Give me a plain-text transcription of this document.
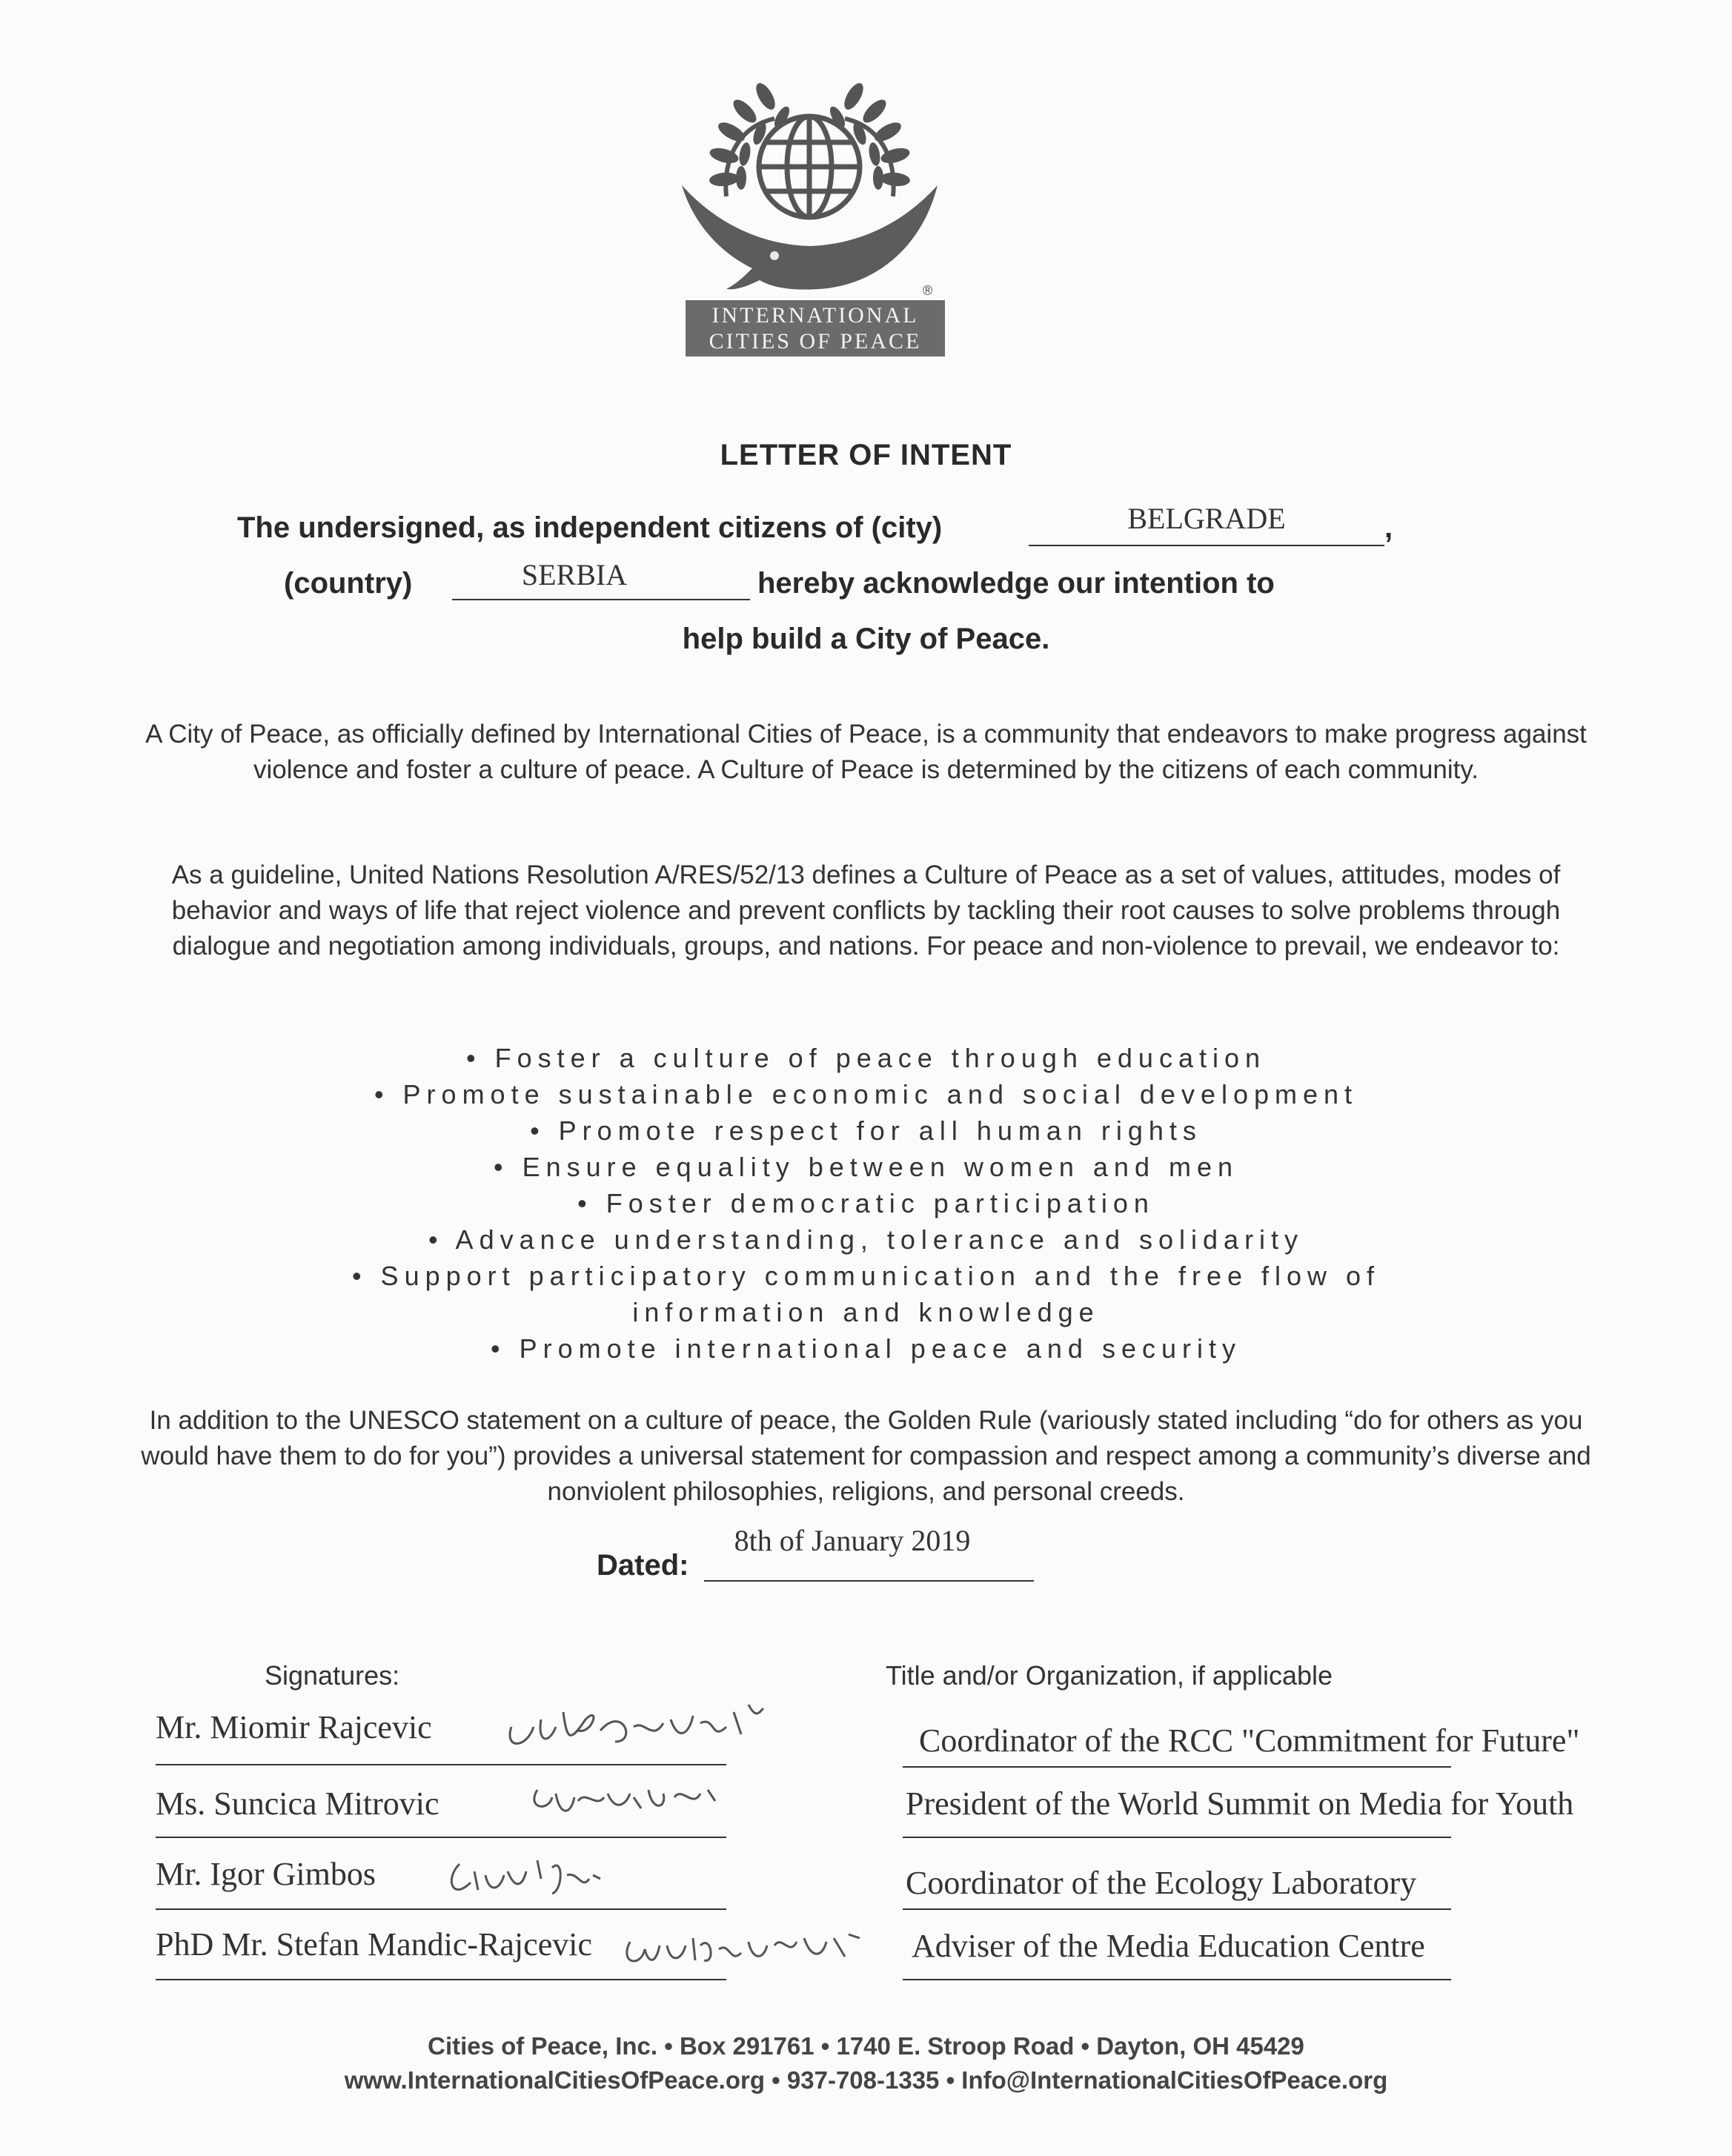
®
INTERNATIONAL
CITIES OF PEACE
LETTER OF INTENT
The undersigned, as independent citizens of (city)	BELGRADE	,
(country)	SERBIA	hereby acknowledge our intention to
help build a City of Peace.
A City of Peace, as officially defined by International Cities of Peace, is a community that endeavors to make progress against violence and foster a culture of peace. A Culture of Peace is determined by the citizens of each community.
As a guideline, United Nations Resolution A/RES/52/13 defines a Culture of Peace as a set of values, attitudes, modes of behavior and ways of life that reject violence and prevent conflicts by tackling their root causes to solve problems through dialogue and negotiation among individuals, groups, and nations. For peace and non-violence to prevail, we endeavor to:
• Foster a culture of peace through education
• Promote sustainable economic and social development
• Promote respect for all human rights
• Ensure equality between women and men
• Foster democratic participation
• Advance understanding, tolerance and solidarity
• Support participatory communication and the free flow of
information and knowledge
• Promote international peace and security
In addition to the UNESCO statement on a culture of peace, the Golden Rule (variously stated including “do for others as you would have them to do for you”) provides a universal statement for compassion and respect among a community’s diverse and nonviolent philosophies, religions, and personal creeds.
Dated:
8th of January 2019
Signatures:	Title and/or Organization, if applicable
Mr. Miomir Rajcevic	Coordinator of the RCC "Commitment for Future"
Ms. Suncica Mitrovic	President of the World Summit on Media for Youth
Mr. Igor Gimbos	Coordinator of the Ecology Laboratory
PhD Mr. Stefan Mandic-Rajcevic	Adviser of the Media Education Centre
Cities of Peace, Inc. • Box 291761 • 1740 E. Stroop Road • Dayton, OH 45429
www.InternationalCitiesOfPeace.org • 937-708-1335 • Info@InternationalCitiesOfPeace.org
